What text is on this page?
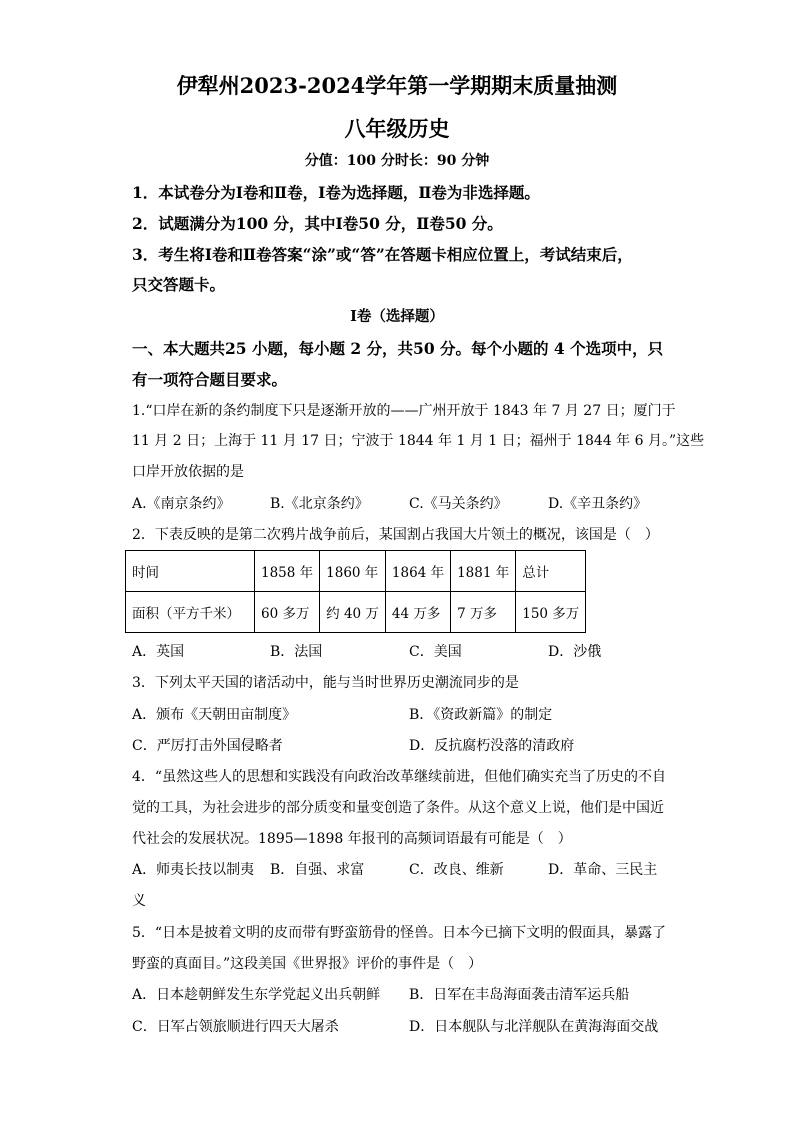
伊犁州2023-2024学年第一学期期末质量抽测
八年级历史
分值：100 分时长：90 分钟
1．本试卷分为Ⅰ卷和Ⅱ卷，Ⅰ卷为选择题，Ⅱ卷为非选择题。
2．试题满分为100 分，其中Ⅰ卷50 分，Ⅱ卷50 分。
3．考生将Ⅰ卷和Ⅱ卷答案“涂”或“答”在答题卡相应位置上，考试结束后，
只交答题卡。
Ⅰ卷（选择题）
一、本大题共25 小题，每小题 2 分，共50 分。每个小题的 4 个选项中，只
有一项符合题目要求。
1.“口岸在新的条约制度下只是逐渐开放的——广州开放于 1843 年 7 月 27 日；厦门于
11 月 2 日；上海于 11 月 17 日；宁波于 1844 年 1 月 1 日；福州于 1844 年 6 月。”这些
口岸开放依据的是
A.《南京条约》	B.《北京条约》	C.《马关条约》	D.《辛丑条约》
2．下表反映的是第二次鸦片战争前后，某国割占我国大片领土的概况，该国是（　）
时间	1858 年	1860 年	1864 年	1881 年	总计
面积（平方千米）	60 多万	约 40 万	44 万多	7 万多	150 多万
A．英国	B．法国	C．美国	D．沙俄
3．下列太平天国的诸活动中，能与当时世界历史潮流同步的是
A．颁布《天朝田亩制度》	B．《资政新篇》的制定
C．严厉打击外国侵略者	D．反抗腐朽没落的清政府
4．“虽然这些人的思想和实践没有向政治改革继续前进，但他们确实充当了历史的不自
觉的工具，为社会进步的部分质变和量变创造了条件。从这个意义上说，他们是中国近
代社会的发展状况。1895—1898 年报刊的高频词语最有可能是（　）
A．师夷长技以制夷 B．自强、求富	C．改良、维新	D．革命、三民主
义
5．“日本是披着文明的皮而带有野蛮筋骨的怪兽。日本今已摘下文明的假面具，暴露了
野蛮的真面目。”这段美国《世界报》评价的事件是（　）
A．日本趁朝鲜发生东学党起义出兵朝鲜 B．日军在丰岛海面袭击清军运兵船
C．日军占领旅顺进行四天大屠杀	D．日本舰队与北洋舰队在黄海海面交战
